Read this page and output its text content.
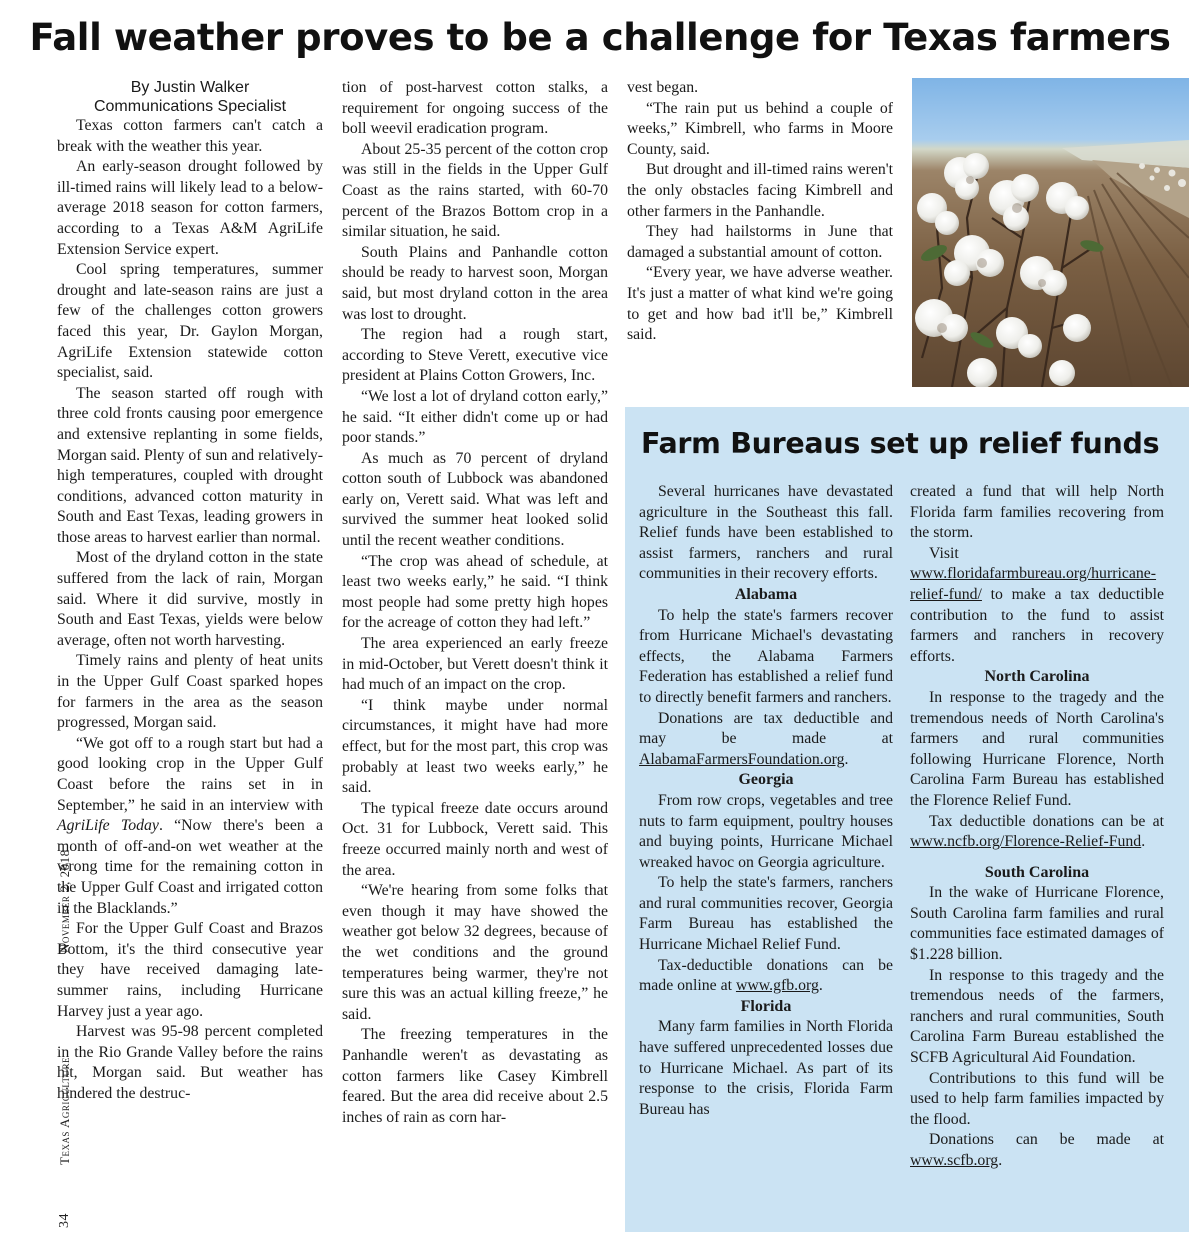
Fall weather proves to be a challenge for Texas farmers
34
Texas Agriculture
November 2, 2018
By Justin Walker
Communications Specialist

Texas cotton farmers can't catch a break with the weather this year.

An early-season drought followed by ill-timed rains will likely lead to a below-average 2018 season for cotton farmers, according to a Texas A&M AgriLife Extension Service expert.

Cool spring temperatures, summer drought and late-season rains are just a few of the challenges cotton growers faced this year, Dr. Gaylon Morgan, AgriLife Extension statewide cotton specialist, said.

The season started off rough with three cold fronts causing poor emergence and extensive replanting in some fields, Morgan said. Plenty of sun and relatively-high temperatures, coupled with drought conditions, advanced cotton maturity in South and East Texas, leading growers in those areas to harvest earlier than normal.

Most of the dryland cotton in the state suffered from the lack of rain, Morgan said. Where it did survive, mostly in South and East Texas, yields were below average, often not worth harvesting.

Timely rains and plenty of heat units in the Upper Gulf Coast sparked hopes for farmers in the area as the season progressed, Morgan said.

“We got off to a rough start but had a good looking crop in the Upper Gulf Coast before the rains set in in September,” he said in an interview with AgriLife Today. “Now there's been a month of off-and-on wet weather at the wrong time for the remaining cotton in the Upper Gulf Coast and irrigated cotton in the Blacklands.”

For the Upper Gulf Coast and Brazos Bottom, it's the third consecutive year they have received damaging late-summer rains, including Hurricane Harvey just a year ago.

Harvest was 95-98 percent completed in the Rio Grande Valley before the rains hit, Morgan said. But weather has hindered the destruc-

tion of post-harvest cotton stalks, a requirement for ongoing success of the boll weevil eradication program.

About 25-35 percent of the cotton crop was still in the fields in the Upper Gulf Coast as the rains started, with 60-70 percent of the Brazos Bottom crop in a similar situation, he said.

South Plains and Panhandle cotton should be ready to harvest soon, Morgan said, but most dryland cotton in the area was lost to drought.

The region had a rough start, according to Steve Verett, executive vice president at Plains Cotton Growers, Inc.

“We lost a lot of dryland cotton early,” he said. “It either didn't come up or had poor stands.”

As much as 70 percent of dryland cotton south of Lubbock was abandoned early on, Verett said. What was left and survived the summer heat looked solid until the recent weather conditions.

“The crop was ahead of schedule, at least two weeks early,” he said. “I think most people had some pretty high hopes for the acreage of cotton they had left.”

The area experienced an early freeze in mid-October, but Verett doesn't think it had much of an impact on the crop.

“I think maybe under normal circumstances, it might have had more effect, but for the most part, this crop was probably at least two weeks early,” he said.

The typical freeze date occurs around Oct. 31 for Lubbock, Verett said. This freeze occurred mainly north and west of the area.

“We're hearing from some folks that even though it may have showed the weather got below 32 degrees, because of the wet conditions and the ground temperatures being warmer, they're not sure this was an actual killing freeze,” he said.

The freezing temperatures in the Panhandle weren't as devastating as cotton farmers like Casey Kimbrell feared. But the area did receive about 2.5 inches of rain as corn har-

vest began.

“The rain put us behind a couple of weeks,” Kimbrell, who farms in Moore County, said.

But drought and ill-timed rains weren't the only obstacles facing Kimbrell and other farmers in the Panhandle.

They had hailstorms in June that damaged a substantial amount of cotton.

“Every year, we have adverse weather. It's just a matter of what kind we're going to get and how bad it'll be,” Kimbrell said.

Farm Bureaus set up relief funds

Several hurricanes have devastated agriculture in the Southeast this fall. Relief funds have been established to assist farmers, ranchers and rural communities in their recovery efforts.

Alabama

To help the state's farmers recover from Hurricane Michael's devastating effects, the Alabama Farmers Federation has established a relief fund to directly benefit farmers and ranchers.

Donations are tax deductible and may be made at AlabamaFarmersFoundation.org.

Georgia

From row crops, vegetables and tree nuts to farm equipment, poultry houses and buying points, Hurricane Michael wreaked havoc on Georgia agriculture.

To help the state's farmers, ranchers and rural communities recover, Georgia Farm Bureau has established the Hurricane Michael Relief Fund.

Tax-deductible donations can be made online at www.gfb.org.

Florida

Many farm families in North Florida have suffered unprecedented losses due to Hurricane Michael. As part of its response to the crisis, Florida Farm Bureau has

created a fund that will help North Florida farm families recovering from the storm.

Visit www.floridafarmbureau.org/hurricane-relief-fund/ to make a tax deductible contribution to the fund to assist farmers and ranchers in recovery efforts.

North Carolina

In response to the tragedy and the tremendous needs of North Carolina's farmers and rural communities following Hurricane Florence, North Carolina Farm Bureau has established the Florence Relief Fund.

Tax deductible donations can be at www.ncfb.org/Florence-Relief-Fund.

South Carolina

In the wake of Hurricane Florence, South Carolina farm families and rural communities face estimated damages of $1.228 billion.

In response to this tragedy and the tremendous needs of the farmers, ranchers and rural communities, South Carolina Farm Bureau established the SCFB Agricultural Aid Foundation.

Contributions to this fund will be used to help farm families impacted by the flood.

Donations can be made at www.scfb.org.
